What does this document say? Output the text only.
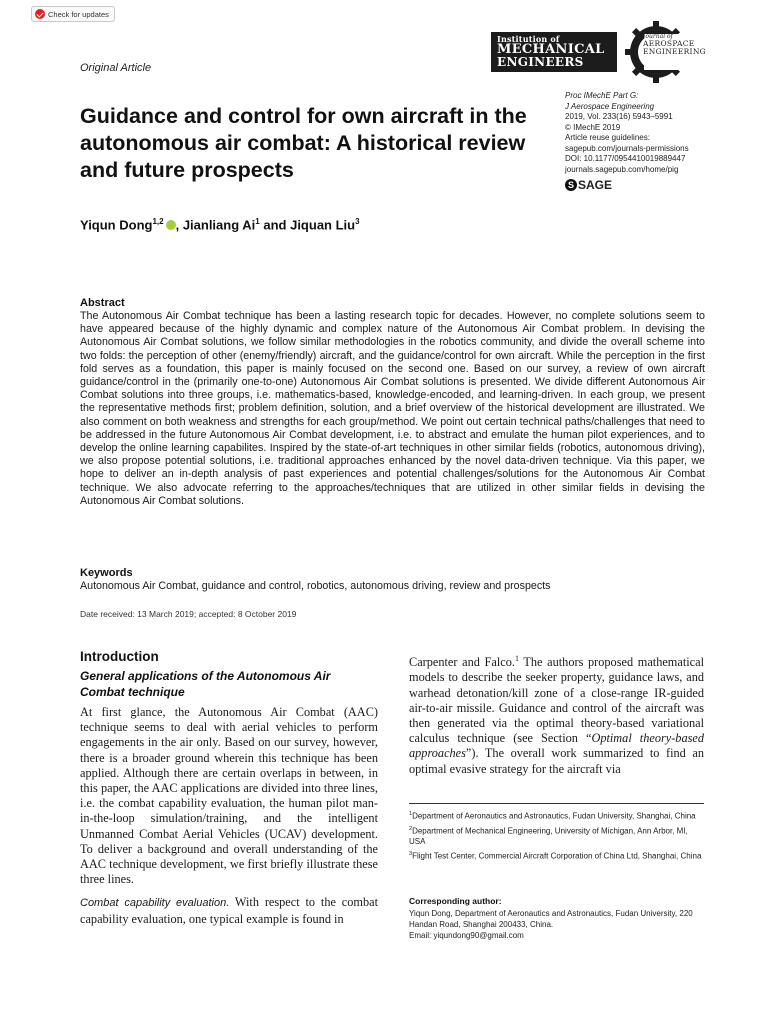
Check for updates
Original Article
Institution of
MECHANICAL
ENGINEERS
Journal of
AEROSPACE
ENGINEERING
Guidance and control for own aircraft in the autonomous air combat: A historical review and future prospects
Proc IMechE Part G:
J Aerospace Engineering
2019, Vol. 233(16) 5943–5991
© IMechE 2019
Article reuse guidelines:
sagepub.com/journals-permissions
DOI: 10.1177/0954410019889447
journals.sagepub.com/home/pig
S SAGE
Yiqun Dong$^{1,2}$ , Jianliang Ai$^1$ and Jiquan Liu$^3$
Abstract

The Autonomous Air Combat technique has been a lasting research topic for decades. However, no complete solutions seem to have appeared because of the highly dynamic and complex nature of the Autonomous Air Combat problem. In devising the Autonomous Air Combat solutions, we follow similar methodologies in the robotics community, and divide the overall scheme into two folds: the perception of other (enemy/friendly) aircraft, and the guidance/control for own aircraft. While the perception in the first fold serves as a foundation, this paper is mainly focused on the second one. Based on our survey, a review of own aircraft guidance/control in the (primarily one-to-one) Autonomous Air Combat solutions is presented. We divide different Autonomous Air Combat solutions into three groups, i.e. mathematics-based, knowledge-encoded, and learning-driven. In each group, we present the representative methods first; problem definition, solution, and a brief overview of the historical development are illustrated. We also comment on both weakness and strengths for each group/method. We point out certain technical paths/challenges that need to be addressed in the future Autonomous Air Combat development, i.e. to abstract and emulate the human pilot experiences, and to develop the online learning capabilites. Inspired by the state-of-art techniques in other similar fields (robotics, autonomous driving), we also propose potential solutions, i.e. traditional approaches enhanced by the novel data-driven technique. Via this paper, we hope to deliver an in-depth analysis of past experiences and potential challenges/solutions for the Autonomous Air Combat technique. We also advocate referring to the approaches/techniques that are utilized in other similar fields in devising the Autonomous Air Combat solutions.

Keywords

Autonomous Air Combat, guidance and control, robotics, autonomous driving, review and prospects

Date received: 13 March 2019; accepted: 8 October 2019
Introduction
General applications of the Autonomous Air Combat technique

At first glance, the Autonomous Air Combat (AAC) technique seems to deal with aerial vehicles to perform engagements in the air only. Based on our survey, however, there is a broader ground wherein this technique has been applied. Although there are certain overlaps in between, in this paper, the AAC applications are divided into three lines, i.e. the combat capability evaluation, the human pilot man-in-the-loop simulation/training, and the intelligent Unmanned Combat Aerial Vehicles (UCAV) development. To deliver a background and overall understanding of the AAC technique development, we first briefly illustrate these three lines.

Combat capability evaluation. With respect to the combat capability evaluation, one typical example is found in

Carpenter and Falco.$^1$ The authors proposed mathematical models to describe the seeker property, guidance laws, and warhead detonation/kill zone of a close-range IR-guided air-to-air missile. Guidance and control of the aircraft was then generated via the optimal theory-based variational calculus technique (see Section “Optimal theory-based approaches”). The overall work summarized to find an optimal evasive strategy for the aircraft via

$^1$Department of Aeronautics and Astronautics, Fudan University, Shanghai, China
$^2$Department of Mechanical Engineering, University of Michigan, Ann Arbor, MI, USA
$^3$Flight Test Center, Commercial Aircraft Corporation of China Ltd, Shanghai, China
Corresponding author:
Yiqun Dong, Department of Aeronautics and Astronautics, Fudan University, 220 Handan Road, Shanghai 200433, China.
Email: yiqundong90@gmail.com
